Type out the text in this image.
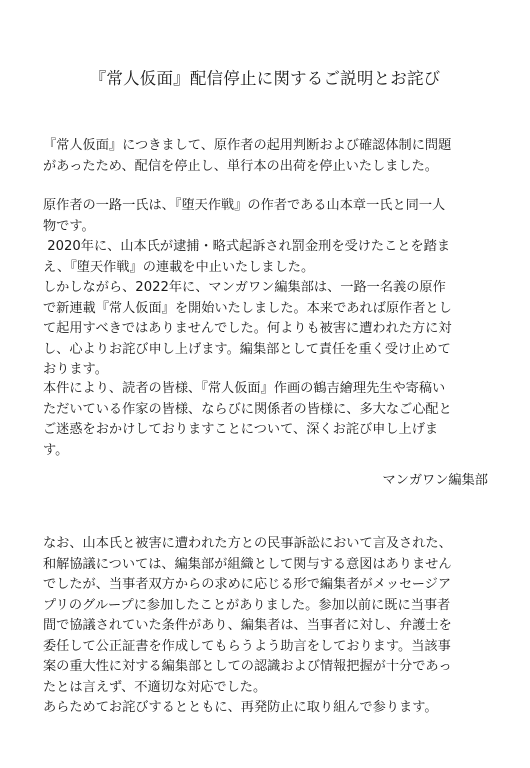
『常人仮面』配信停止に関するご説明とお詫び
『常人仮面』につきまして、原作者の起用判断および確認体制に問題
があったため、配信を停止し、単行本の出荷を停止いたしました。
原作者の一路一氏は、『堕天作戦』の作者である山本章一氏と同一人
物です。
2020年に、山本氏が逮捕・略式起訴され罰金刑を受けたことを踏ま
え、『堕天作戦』の連載を中止いたしました。
しかしながら、2022年に、マンガワン編集部は、一路一名義の原作
で新連載『常人仮面』を開始いたしました。本来であれば原作者とし
て起用すべきではありませんでした。何よりも被害に遭われた方に対
し、心よりお詫び申し上げます。編集部として責任を重く受け止めて
おります。
本件により、読者の皆様、『常人仮面』作画の鶴吉繪理先生や寄稿い
ただいている作家の皆様、ならびに関係者の皆様に、多大なご心配と
ご迷惑をおかけしておりますことについて、深くお詫び申し上げま
す。
マンガワン編集部
なお、山本氏と被害に遭われた方との民事訴訟において言及された、
和解協議については、編集部が組織として関与する意図はありません
でしたが、当事者双方からの求めに応じる形で編集者がメッセージア
プリのグループに参加したことがありました。参加以前に既に当事者
間で協議されていた条件があり、編集者は、当事者に対し、弁護士を
委任して公正証書を作成してもらうよう助言をしております。当該事
案の重大性に対する編集部としての認識および情報把握が十分であっ
たとは言えず、不適切な対応でした。
あらためてお詫びするとともに、再発防止に取り組んで参ります。
